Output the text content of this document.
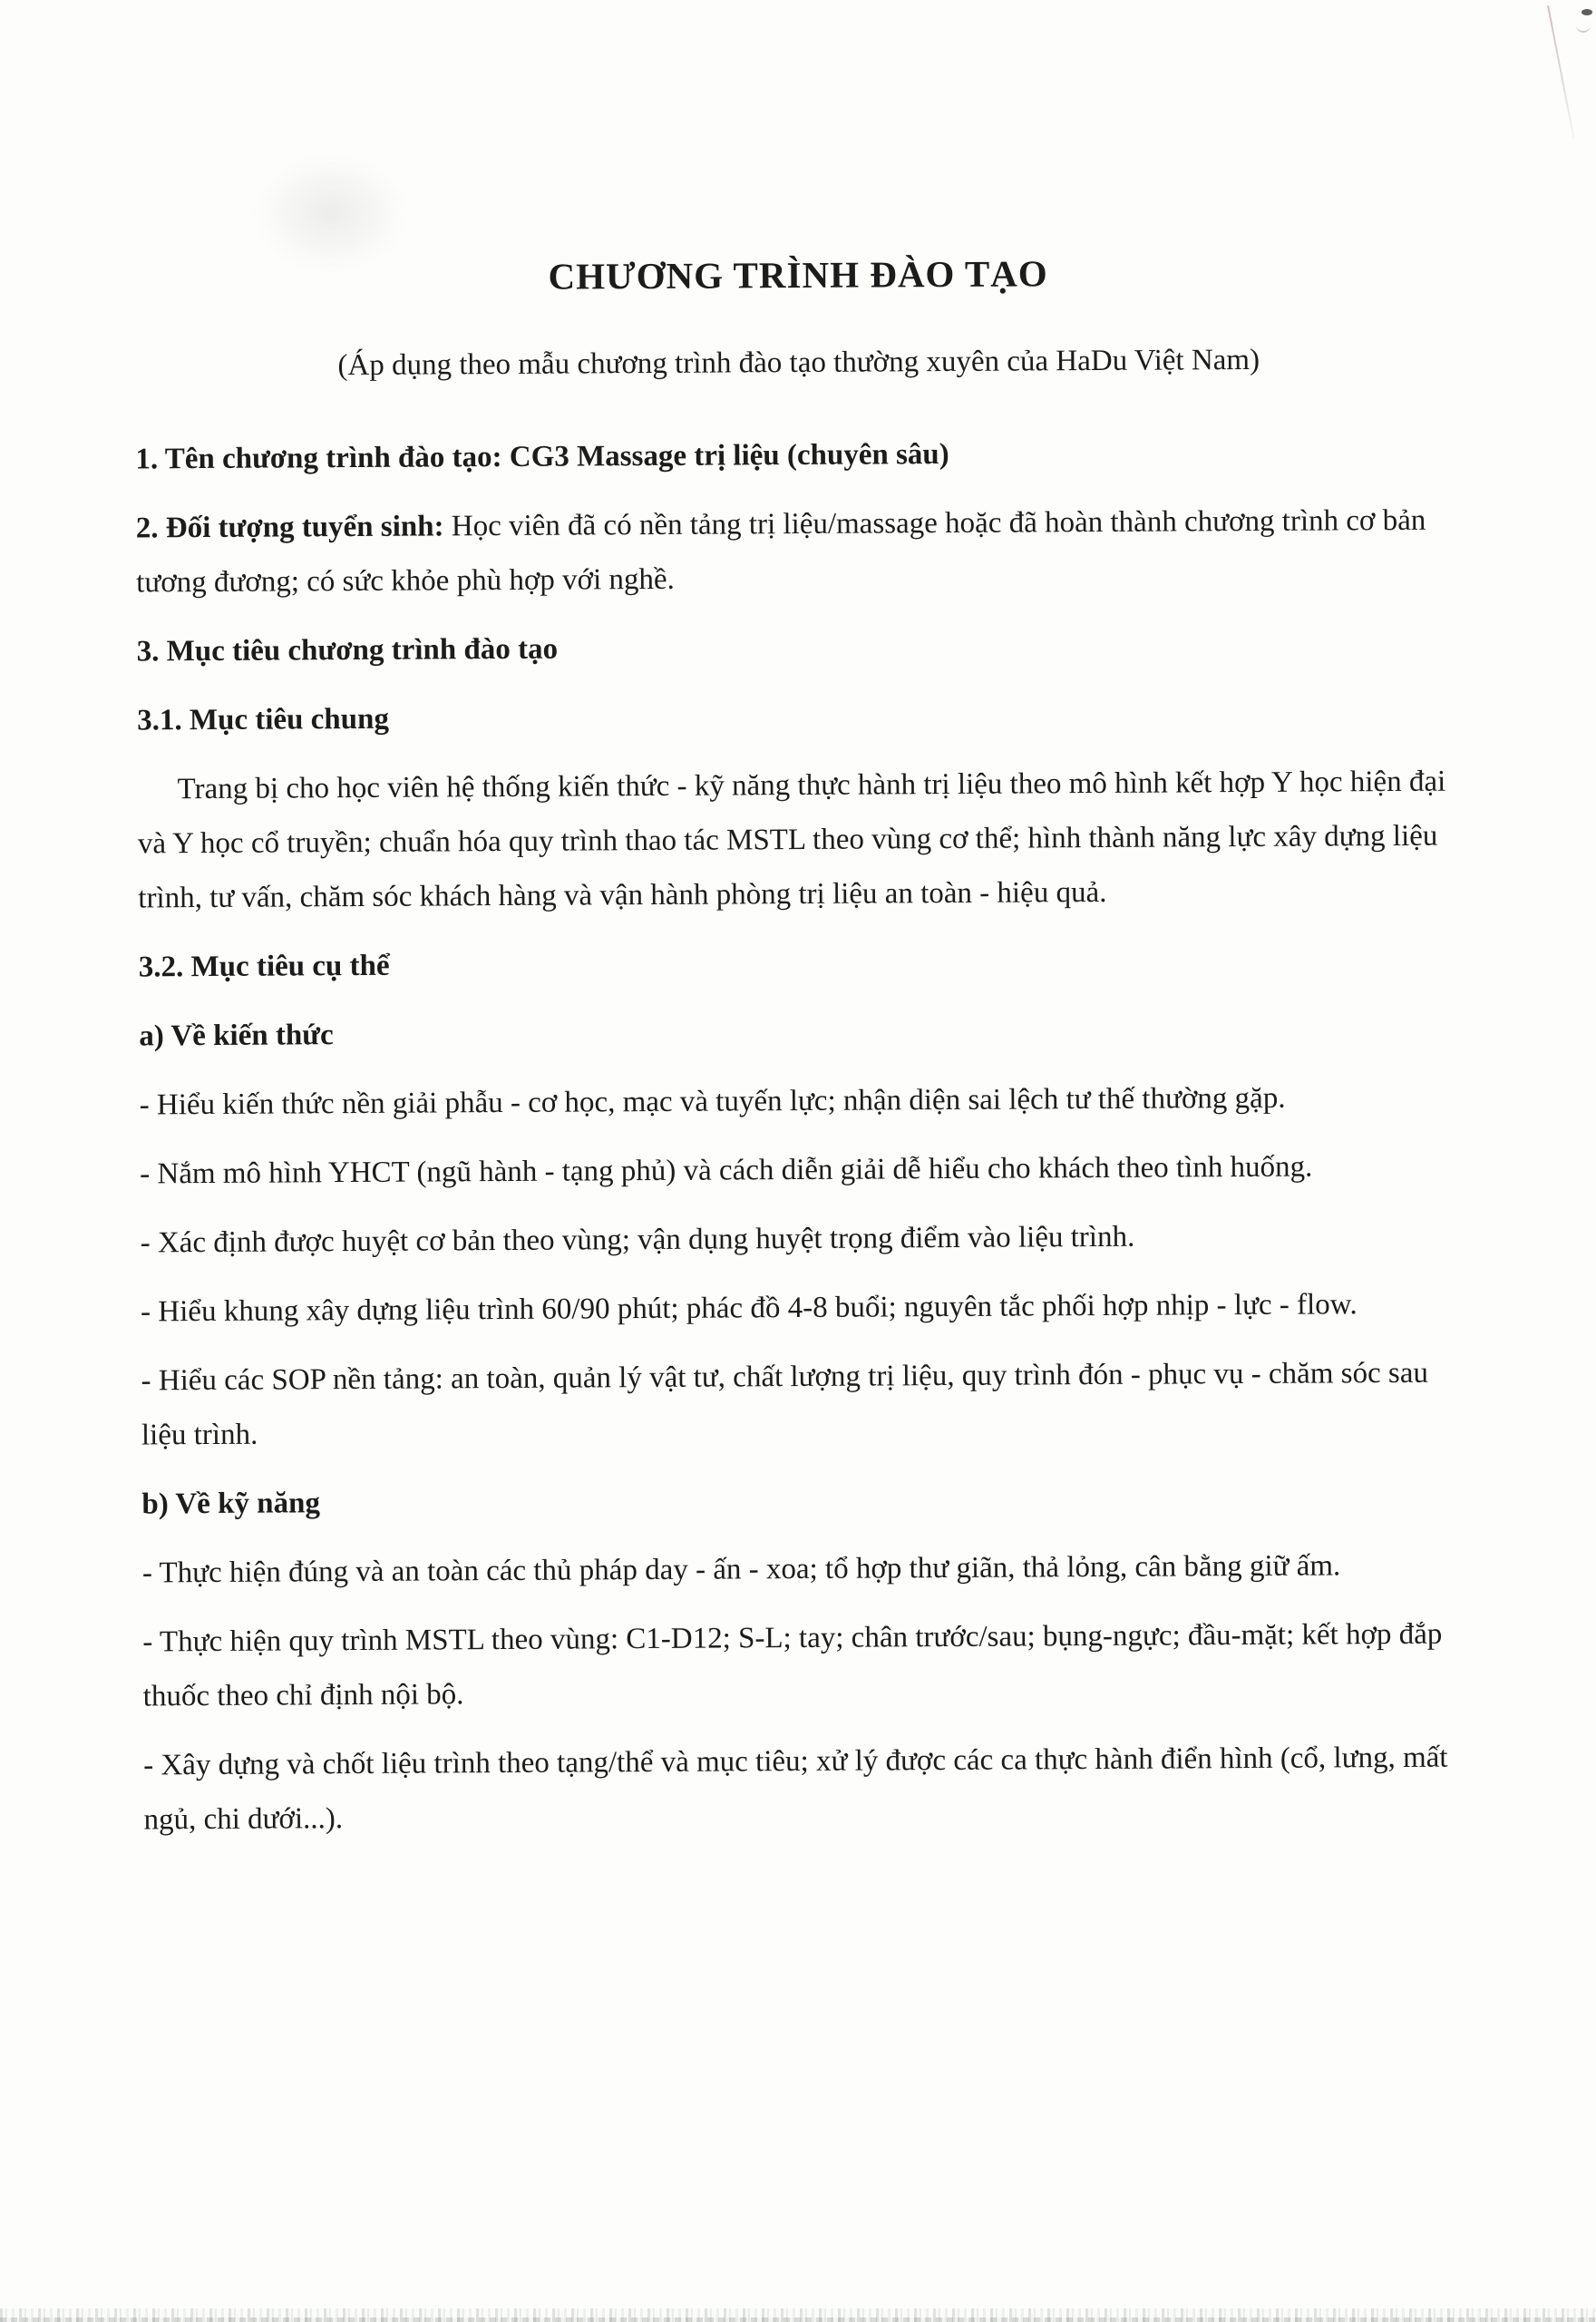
CHƯƠNG TRÌNH ĐÀO TẠO
(Áp dụng theo mẫu chương trình đào tạo thường xuyên của HaDu Việt Nam)
1. Tên chương trình đào tạo: CG3 Massage trị liệu (chuyên sâu)
2. Đối tượng tuyển sinh: Học viên đã có nền tảng trị liệu/massage hoặc đã hoàn thành chương trình cơ bản tương đương; có sức khỏe phù hợp với nghề.
3. Mục tiêu chương trình đào tạo
3.1. Mục tiêu chung
Trang bị cho học viên hệ thống kiến thức - kỹ năng thực hành trị liệu theo mô hình kết hợp Y học hiện đại và Y học cổ truyền; chuẩn hóa quy trình thao tác MSTL theo vùng cơ thể; hình thành năng lực xây dựng liệu trình, tư vấn, chăm sóc khách hàng và vận hành phòng trị liệu an toàn - hiệu quả.
3.2. Mục tiêu cụ thể
a) Về kiến thức
- Hiểu kiến thức nền giải phẫu - cơ học, mạc và tuyến lực; nhận diện sai lệch tư thế thường gặp.
- Nắm mô hình YHCT (ngũ hành - tạng phủ) và cách diễn giải dễ hiểu cho khách theo tình huống.
- Xác định được huyệt cơ bản theo vùng; vận dụng huyệt trọng điểm vào liệu trình.
- Hiểu khung xây dựng liệu trình 60/90 phút; phác đồ 4-8 buổi; nguyên tắc phối hợp nhịp - lực - flow.
- Hiểu các SOP nền tảng: an toàn, quản lý vật tư, chất lượng trị liệu, quy trình đón - phục vụ - chăm sóc sau liệu trình.
b) Về kỹ năng
- Thực hiện đúng và an toàn các thủ pháp day - ấn - xoa; tổ hợp thư giãn, thả lỏng, cân bằng giữ ấm.
- Thực hiện quy trình MSTL theo vùng: C1-D12; S-L; tay; chân trước/sau; bụng-ngực; đầu-mặt; kết hợp đắp thuốc theo chỉ định nội bộ.
- Xây dựng và chốt liệu trình theo tạng/thể và mục tiêu; xử lý được các ca thực hành điển hình (cổ, lưng, mất ngủ, chi dưới...).
